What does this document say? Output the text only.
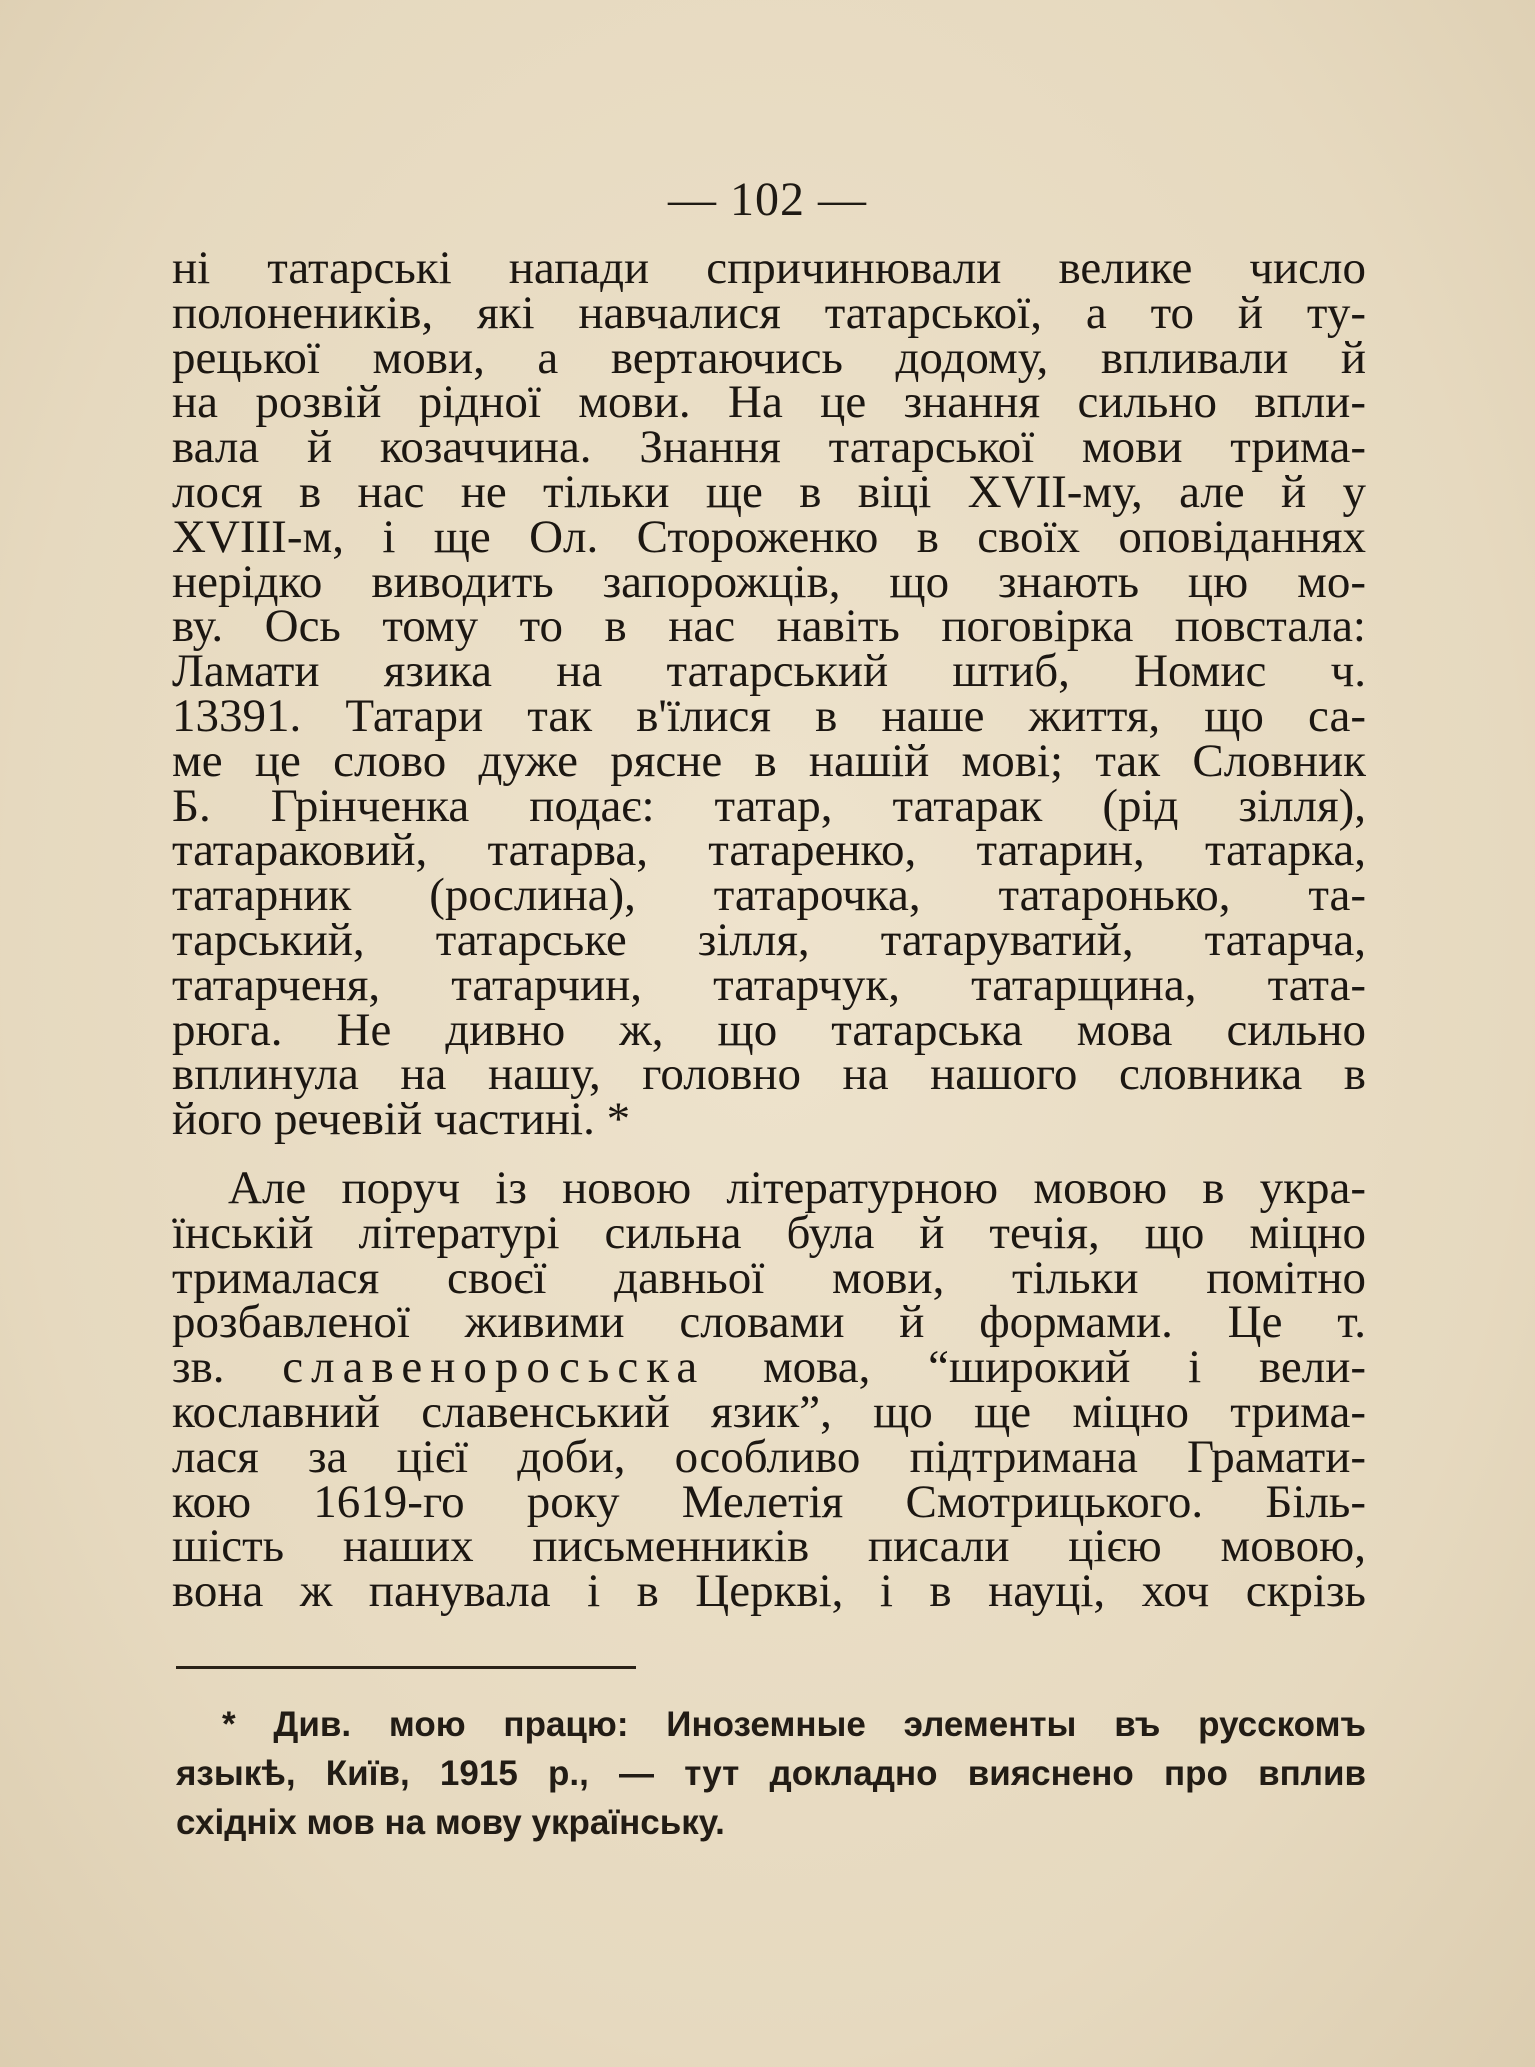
— 102 —
ні татарські напади спричинювали велике число
полонеників, які навчалися татарської, а то й ту-
рецької мови, а вертаючись додому, впливали й
на розвій рідної мови. На це знання сильно впли-
вала й козаччина. Знання татарської мови трима-
лося в нас не тільки ще в віці XVII-му, але й у
XVIII-м, і ще Ол. Стороженко в своїх оповіданнях
нерідко виводить запорожців, що знають цю мо-
ву. Ось тому то в нас навіть поговірка повстала:
Ламати язика на татарський штиб, Номис ч.
13391. Татари так в'їлися в наше життя, що са-
ме це слово дуже рясне в нашій мові; так Словник
Б. Грінченка подає: татар, татарак (рід зілля),
татараковий, татарва, татаренко, татарин, татарка,
татарник (рослина), татарочка, татаронько, та-
тарський, татарське зілля, татаруватий, татарча,
татарченя, татарчин, татарчук, татарщина, тата-
рюга. Не дивно ж, що татарська мова сильно
вплинула на нашу, головно на нашого словника в
його речевій частині. *
Але поруч із новою літературною мовою в укра-
їнській літературі сильна була й течія, що міцно
трималася своєї давньої мови, тільки помітно
розбавленої живими словами й формами. Це т.
зв. славеноросьска мова, “широкий і вели-
кославний славенський язик”, що ще міцно трима-
лася за цієї доби, особливо підтримана Грамати-
кою 1619-го року Мелетія Смотрицького. Біль-
шість наших письменників писали цією мовою,
вона ж панувала і в Церкві, і в науці, хоч скрізь
* Див. мою працю: Иноземные элементы въ русскомъ
языкѣ, Київ, 1915 р., — тут докладно вияснено про вплив
східніх мов на мову українську.
